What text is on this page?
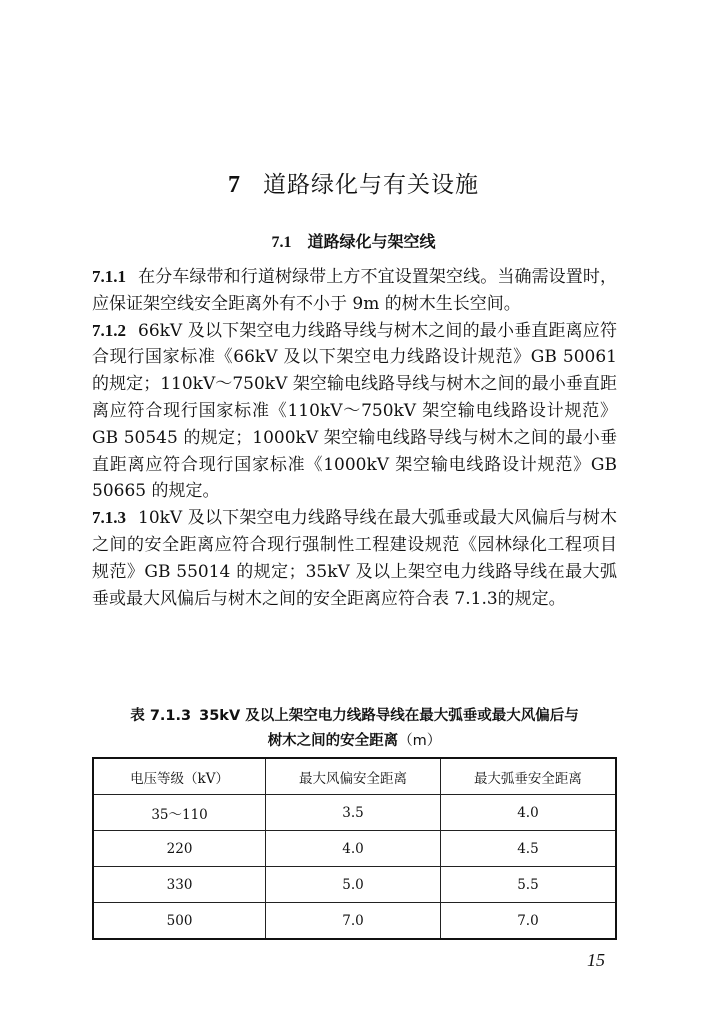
7 道路绿化与有关设施
7.1 道路绿化与架空线

7.1.1 在分车绿带和行道树绿带上方不宜设置架空线。当确需设置时，应保证架空线安全距离外有不小于 9m 的树木生长空间。

7.1.2 66kV 及以下架空电力线路导线与树木之间的最小垂直距离应符合现行国家标准《66kV 及以下架空电力线路设计规范》GB 50061 的规定；110kV～750kV 架空输电线路导线与树木之间的最小垂直距离应符合现行国家标准《110kV～750kV 架空输电线路设计规范》GB 50545 的规定；1000kV 架空输电线路导线与树木之间的最小垂直距离应符合现行国家标准《1000kV 架空输电线路设计规范》GB 50665 的规定。

7.1.3 10kV 及以下架空电力线路导线在最大弧垂或最大风偏后与树木之间的安全距离应符合现行强制性工程建设规范《园林绿化工程项目规范》GB 55014 的规定；35kV 及以上架空电力线路导线在最大弧垂或最大风偏后与树木之间的安全距离应符合表 7.1.3的规定。

表 7.1.3 35kV 及以上架空电力线路导线在最大弧垂或最大风偏后与
树木之间的安全距离（m）
电压等级（kV）	最大风偏安全距离	最大弧垂安全距离
35～110	3.5	4.0
220	4.0	4.5
330	5.0	5.5
500	7.0	7.0
15
